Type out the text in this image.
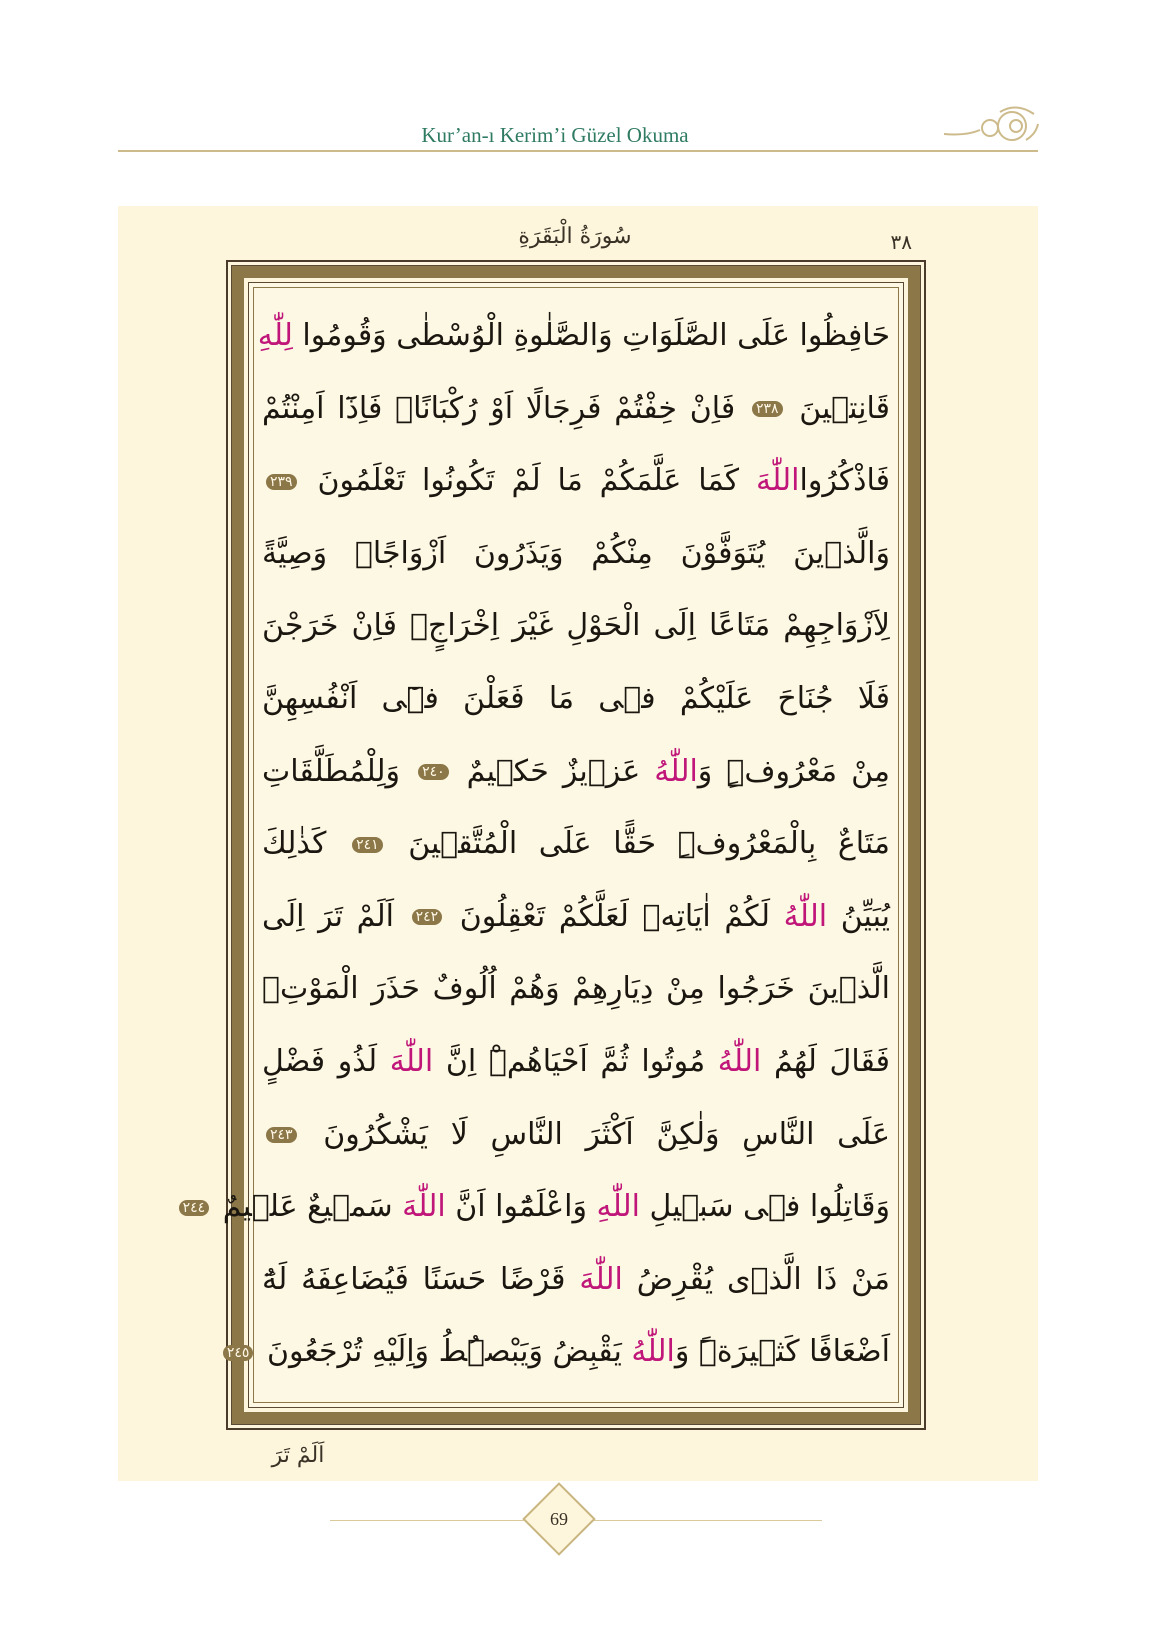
Kur’an-ı Kerim’i Güzel Okuma
سُورَةُ الْبَقَرَةِ	٣٨
حَافِظُوا عَلَى الصَّلَوَاتِ وَالصَّلٰوةِ الْوُسْطٰى وَقُومُوا لِلّٰهِ
قَانِتٖينَ ٢٣٨ فَاِنْ خِفْتُمْ فَرِجَالًا اَوْ رُكْبَانًاۚ فَاِذَٓا اَمِنْتُمْ
فَاذْكُرُوااللّٰهَ كَمَا عَلَّمَكُمْ مَا لَمْ تَكُونُوا تَعْلَمُونَ ٢٣٩
وَالَّذٖينَ يُتَوَفَّوْنَ مِنْكُمْ وَيَذَرُونَ اَزْوَاجًاۚ وَصِيَّةً
لِاَزْوَاجِهِمْ مَتَاعًا اِلَى الْحَوْلِ غَيْرَ اِخْرَاجٍۚ فَاِنْ خَرَجْنَ
فَلَا جُنَاحَ عَلَيْكُمْ فٖى مَا فَعَلْنَ فٖٓى اَنْفُسِهِنَّ
مِنْ مَعْرُوفٍۜ وَاللّٰهُ عَزٖيزٌ حَكٖيمٌ ٢٤٠ وَلِلْمُطَلَّقَاتِ
مَتَاعٌ بِالْمَعْرُوفِۜ حَقًّا عَلَى الْمُتَّقٖينَ ٢٤١ كَذٰلِكَ
يُبَيِّنُ اللّٰهُ لَكُمْ اٰيَاتِهٖ لَعَلَّكُمْ تَعْقِلُونَ ٢٤٢ اَلَمْ تَرَ اِلَى
الَّذٖينَ خَرَجُوا مِنْ دِيَارِهِمْ وَهُمْ اُلُوفٌ حَذَرَ الْمَوْتِۖ
فَقَالَ لَهُمُ اللّٰهُ مُوتُوا ثُمَّ اَحْيَاهُمْۜ اِنَّ اللّٰهَ لَذُو فَضْلٍ
عَلَى النَّاسِ وَلٰكِنَّ اَكْثَرَ النَّاسِ لَا يَشْكُرُونَ ٢٤٣
وَقَاتِلُوا فٖى سَبٖيلِ اللّٰهِ وَاعْلَمُٓوا اَنَّ اللّٰهَ سَمٖيعٌ عَلٖيمٌ ٢٤٤
مَنْ ذَا الَّذٖى يُقْرِضُ اللّٰهَ قَرْضًا حَسَنًا فَيُضَاعِفَهُ لَهُٓ
اَضْعَافًا كَثٖيرَةًۜ وَاللّٰهُ يَقْبِضُ وَيَبْصُۜطُ وَاِلَيْهِ تُرْجَعُونَ ٢٤٥
اَلَمْ تَرَ
69
